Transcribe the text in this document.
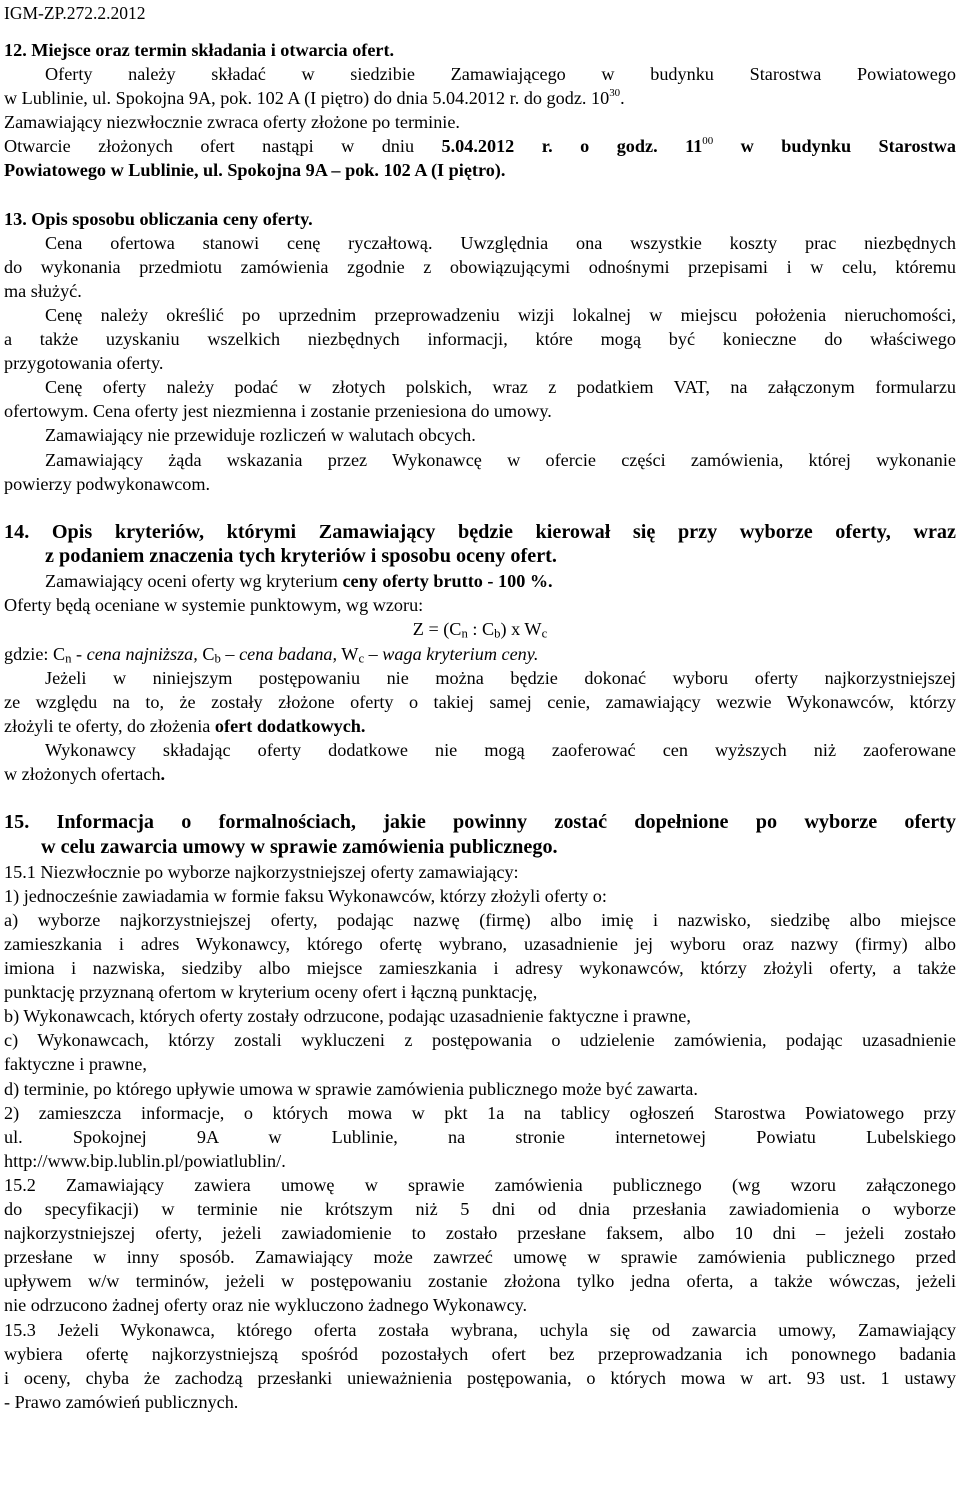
IGM-ZP.272.2.2012
12. Miejsce oraz termin składania i otwarcia ofert.
Oferty należy składać w siedzibie Zamawiającego w budynku Starostwa Powiatowego
w Lublinie, ul. Spokojna 9A, pok. 102 A (I piętro) do dnia 5.04.2012 r. do godz. $10^{30}$.
Zamawiający niezwłocznie zwraca oferty złożone po terminie.
Otwarcie złożonych ofert nastąpi w dniu 5.04.2012 r. o godz. $11^{00}$ w budynku Starostwa
Powiatowego w Lublinie, ul. Spokojna 9A – pok. 102 A (I piętro).
13. Opis sposobu obliczania ceny oferty.
Cena ofertowa stanowi cenę ryczałtową. Uwzględnia ona wszystkie koszty prac niezbędnych
do wykonania przedmiotu zamówienia zgodnie z obowiązującymi odnośnymi przepisami i w celu, któremu
ma służyć.
Cenę należy określić po uprzednim przeprowadzeniu wizji lokalnej w miejscu położenia nieruchomości,
a także uzyskaniu wszelkich niezbędnych informacji, które mogą być konieczne do właściwego
przygotowania oferty.
Cenę oferty należy podać w złotych polskich, wraz z podatkiem VAT, na załączonym formularzu
ofertowym. Cena oferty jest niezmienna i zostanie przeniesiona do umowy.
Zamawiający nie przewiduje rozliczeń w walutach obcych.
Zamawiający żąda wskazania przez Wykonawcę w ofercie części zamówienia, której wykonanie
powierzy podwykonawcom.
14. Opis kryteriów, którymi Zamawiający będzie kierował się przy wyborze oferty, wraz
z podaniem znaczenia tych kryteriów i sposobu oceny ofert.
Zamawiający oceni oferty wg kryterium ceny oferty brutto - 100 %.
Oferty będą oceniane w systemie punktowym, wg wzoru:
$Z = (C_n$ : $C_b$) x $W_c$
gdzie: $C_n$ - cena najniższa, $C_b$ – cena badana, $W_c$ – waga kryterium ceny.
Jeżeli w niniejszym postępowaniu nie można będzie dokonać wyboru oferty najkorzystniejszej
ze względu na to, że zostały złożone oferty o takiej samej cenie, zamawiający wezwie Wykonawców, którzy
złożyli te oferty, do złożenia ofert dodatkowych.
Wykonawcy składając oferty dodatkowe nie mogą zaoferować cen wyższych niż zaoferowane
w złożonych ofertach.
15. Informacja o formalnościach, jakie powinny zostać dopełnione po wyborze oferty
w celu zawarcia umowy w sprawie zamówienia publicznego.
15.1 Niezwłocznie po wyborze najkorzystniejszej oferty zamawiający:
1) jednocześnie zawiadamia w formie faksu Wykonawców, którzy złożyli oferty o:
a) wyborze najkorzystniejszej oferty, podając nazwę (firmę) albo imię i nazwisko, siedzibę albo miejsce
zamieszkania i adres Wykonawcy, którego ofertę wybrano, uzasadnienie jej wyboru oraz nazwy (firmy) albo
imiona i nazwiska, siedziby albo miejsce zamieszkania i adresy wykonawców, którzy złożyli oferty, a także
punktację przyznaną ofertom w kryterium oceny ofert i łączną punktację,
b) Wykonawcach, których oferty zostały odrzucone, podając uzasadnienie faktyczne i prawne,
c) Wykonawcach, którzy zostali wykluczeni z postępowania o udzielenie zamówienia, podając uzasadnienie
faktyczne i prawne,
d) terminie, po którego upływie umowa w sprawie zamówienia publicznego może być zawarta.
2) zamieszcza informacje, o których mowa w pkt 1a na tablicy ogłoszeń Starostwa Powiatowego przy
ul. Spokojnej 9A w Lublinie, na stronie internetowej Powiatu Lubelskiego
http://www.bip.lublin.pl/powiatlublin/.
15.2 Zamawiający zawiera umowę w sprawie zamówienia publicznego (wg wzoru załączonego
do specyfikacji) w terminie nie krótszym niż 5 dni od dnia przesłania zawiadomienia o wyborze
najkorzystniejszej oferty, jeżeli zawiadomienie to zostało przesłane faksem, albo 10 dni – jeżeli zostało
przesłane w inny sposób. Zamawiający może zawrzeć umowę w sprawie zamówienia publicznego przed
upływem w/w terminów, jeżeli w postępowaniu zostanie złożona tylko jedna oferta, a także wówczas, jeżeli
nie odrzucono żadnej oferty oraz nie wykluczono żadnego Wykonawcy.
15.3 Jeżeli Wykonawca, którego oferta została wybrana, uchyla się od zawarcia umowy, Zamawiający
wybiera ofertę najkorzystniejszą spośród pozostałych ofert bez przeprowadzania ich ponownego badania
i oceny, chyba że zachodzą przesłanki unieważnienia postępowania, o których mowa w art. 93 ust. 1 ustawy
- Prawo zamówień publicznych.
